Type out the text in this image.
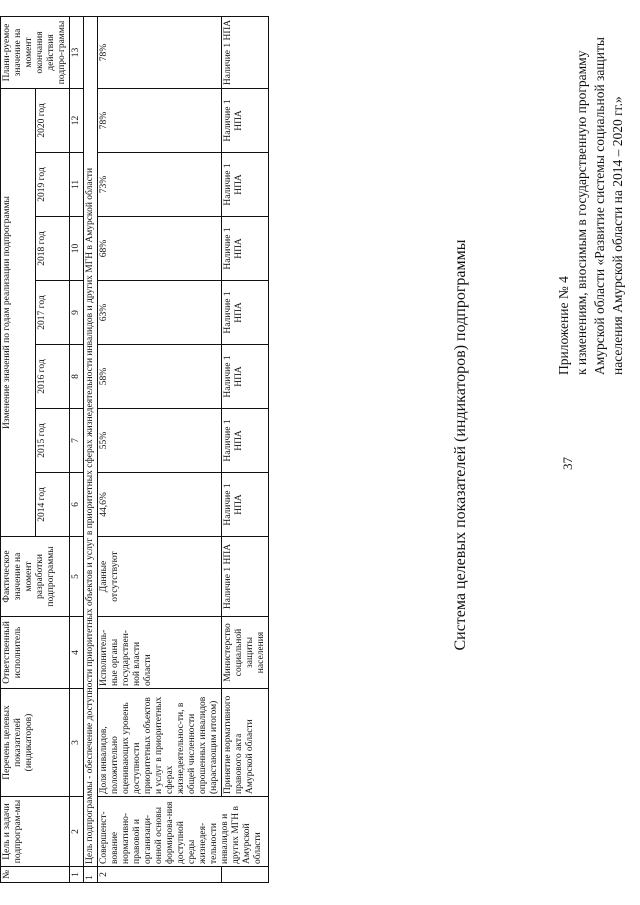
37
Приложение № 4 к изменениям, вносимым в государственную программу Амурской области «Развитие системы социальной защиты населения Амурской области на 2014 – 2020 гг.»
Система целевых показателей (индикаторов) подпрограммы
№	Цель и задачи подпрограм-мы	Перечень целевых показателей (индикаторов)	Ответственный исполнитель	Фактическое значение на момент разработки подпрограммы	Изменение значений по годам реализации подпрограммы							Плани-руемое значение на момент окончания действия подпро-граммы
					2014 год	2015 год	2016 год	2017 год	2018 год	2019 год	2020 год	
1	2	3	4	5	6	7	8	9	10	11	12	13
1	Цель подпрограммы - обеспечение доступности приоритетных объектов и услуг в приоритетных сферах жизнедеятельности инвалидов и других МГН в Амурской области											
2	Совершенст-вование нормативно-правовой и организаци-онной основы формирова-ния доступной среды жизнедея-тельности инвалидов и других МГН в Амурской области	Доля инвалидов, положительно оценивающих уровень доступности приоритетных объектов и услуг в приоритетных сферах жизнедеятельнос-ти, в общей численности опрошенных инвалидов (нарастающим итогом)	Исполнитель-ные органы государствен-ной власти области	Данные отсутствуют	44,6%	55%	58%	63%	68%	73%	78%	78%
		Принятие нормативного правового акта Амурской области	Министерство социальной защиты населения	Наличие 1 НПА	Наличие 1 НПА	Наличие 1 НПА	Наличие 1 НПА	Наличие 1 НПА	Наличие 1 НПА	Наличие 1 НПА	Наличие 1 НПА	Наличие 1 НПА
